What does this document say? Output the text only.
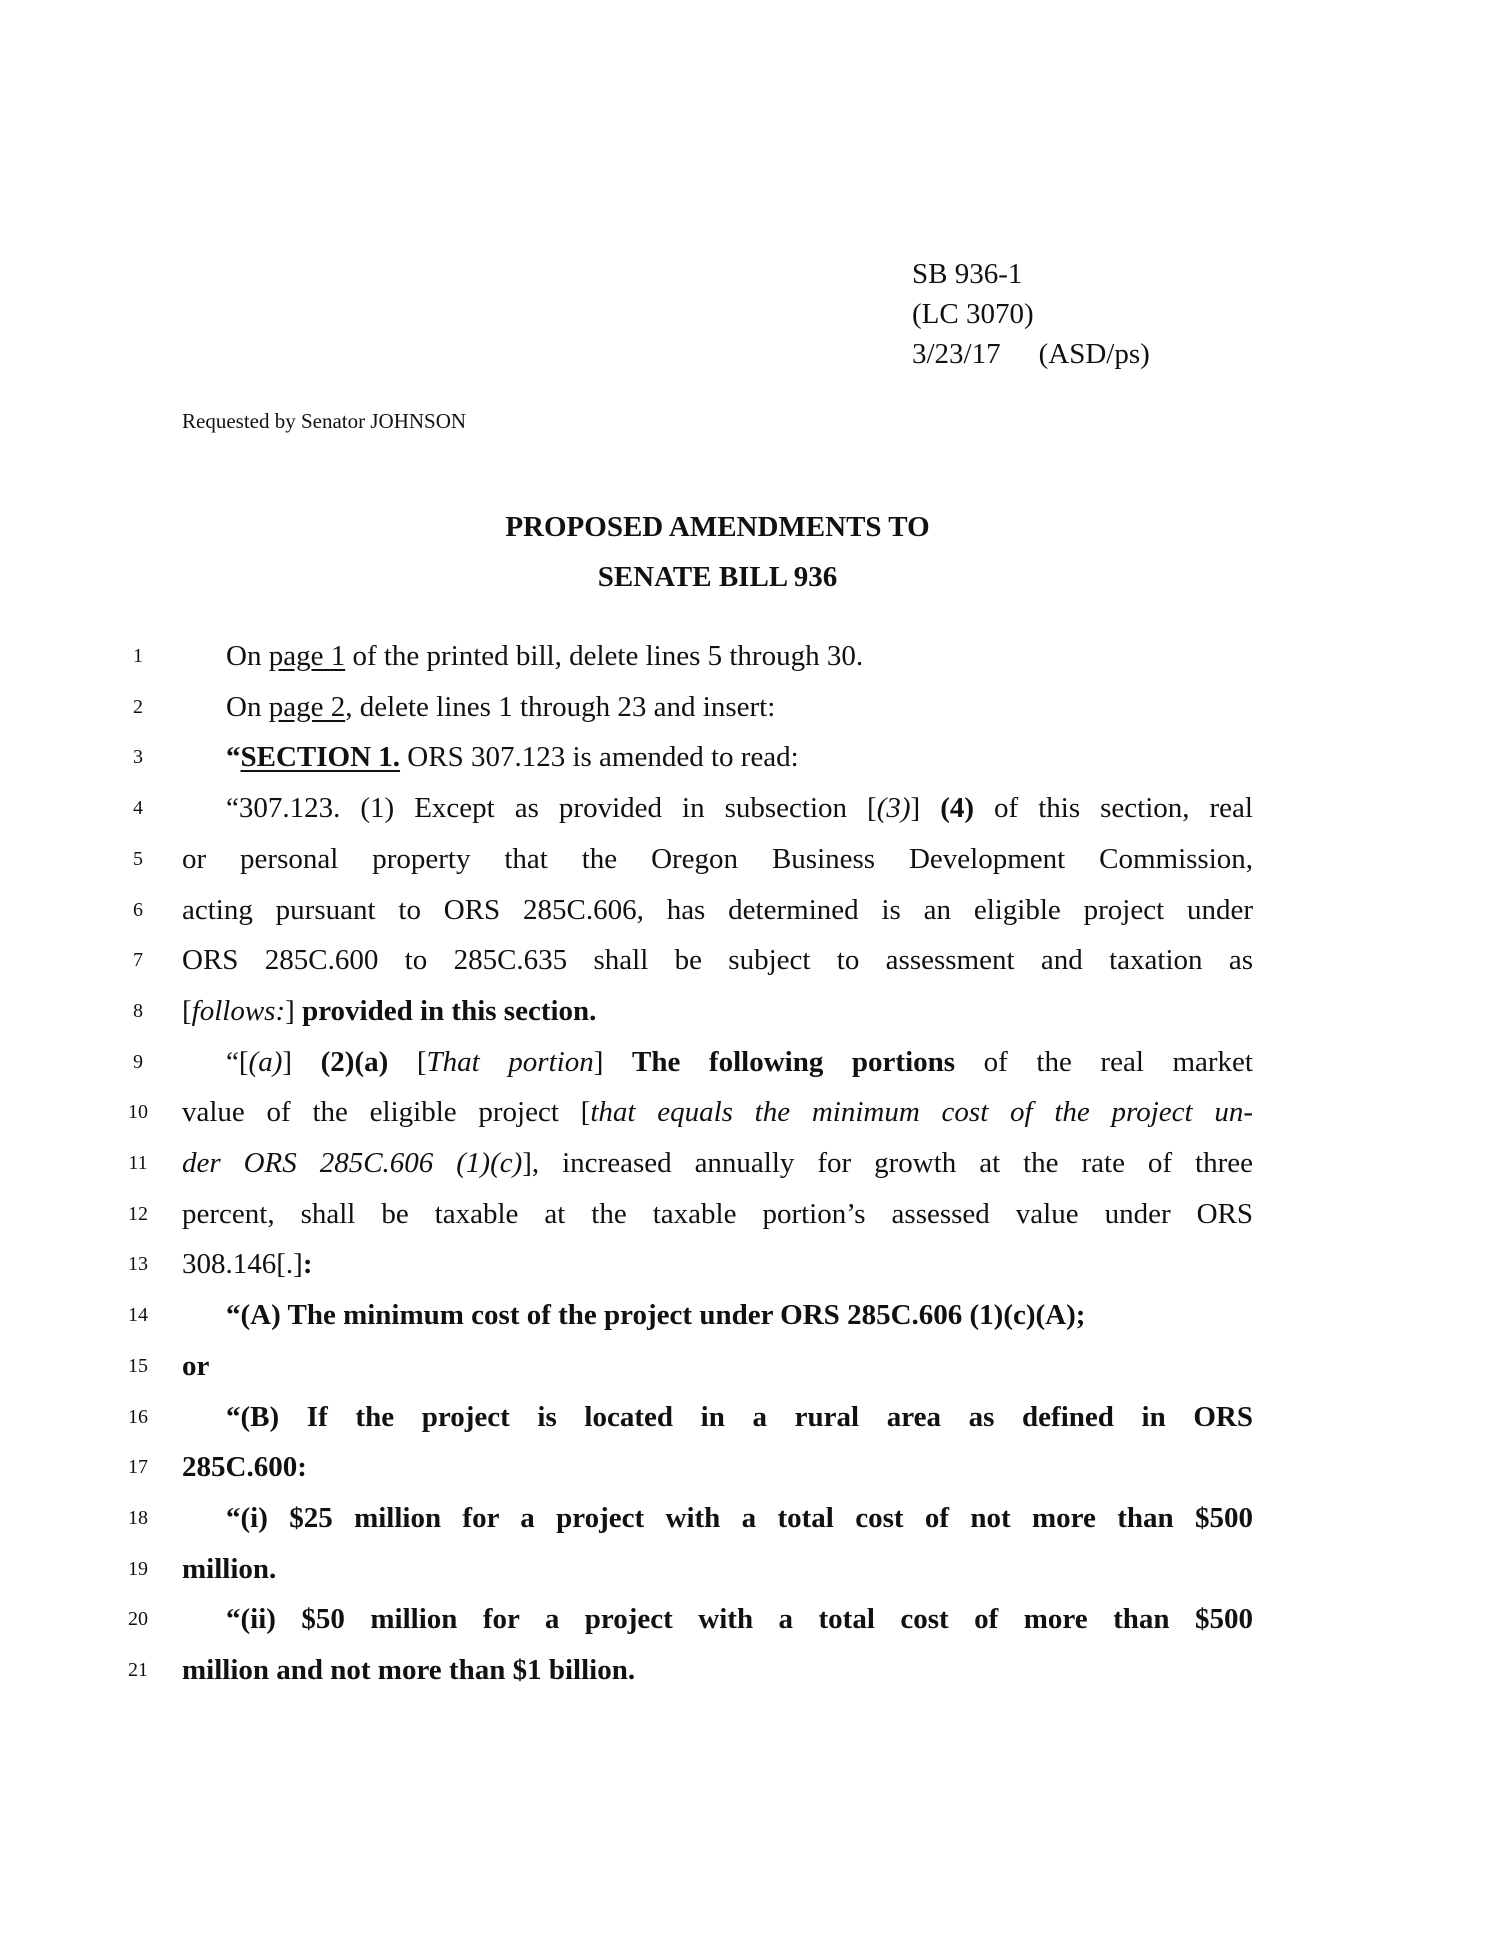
SB 936-1
(LC 3070)
3/23/17 (ASD/ps)
Requested by Senator JOHNSON
PROPOSED AMENDMENTS TO
SENATE BILL 936
1	On page 1 of the printed bill, delete lines 5 through 30.
2	On page 2, delete lines 1 through 23 and insert:
3	“SECTION 1. ORS 307.123 is amended to read:
4	“307.123. (1) Except as provided in subsection [(3)] (4) of this section, real
5	or personal property that the Oregon Business Development Commission,
6	acting pursuant to ORS 285C.606, has determined is an eligible project under
7	ORS 285C.600 to 285C.635 shall be subject to assessment and taxation as
8	[follows:] provided in this section.
9	“[(a)] (2)(a) [That portion] The following portions of the real market
10 value of the eligible project [that equals the minimum cost of the project un-
11 der ORS 285C.606 (1)(c)], increased annually for growth at the rate of three
12 percent, shall be taxable at the taxable portion’s assessed value under ORS
13 308.146[.]:
14	“(A) The minimum cost of the project under ORS 285C.606 (1)(c)(A);
15 or
16	“(B) If the project is located in a rural area as defined in ORS
17 285C.600:
18	“(i) $25 million for a project with a total cost of not more than $500
19 million.
20	“(ii) $50 million for a project with a total cost of more than $500
21 million and not more than $1 billion.
